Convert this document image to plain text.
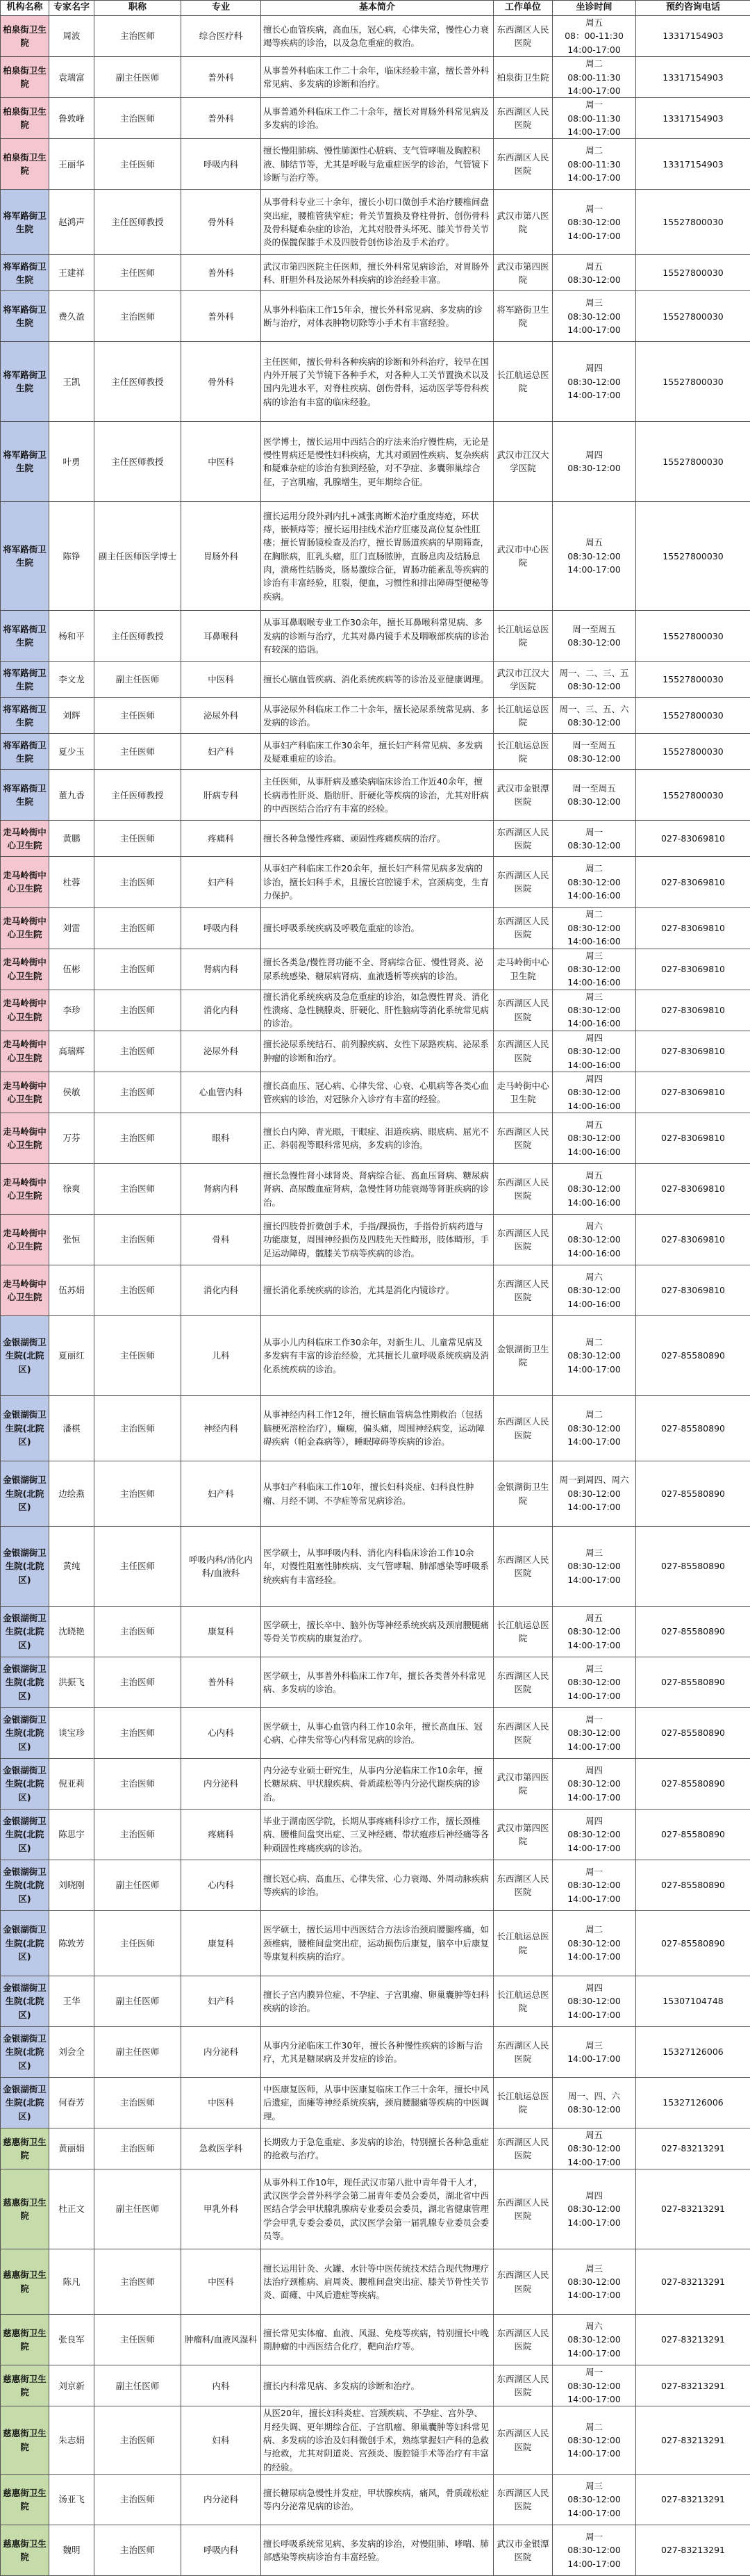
机构名称	专家名字	职称	专业	基本简介	工作单位	坐诊时间	预约咨询电话
柏泉街卫生院	周波	主治医师	综合医疗科	擅长心血管疾病，高血压，冠心病，心律失常，慢性心力衰竭等疾病的诊治，以及急危重症的救治。	东西湖区人民医院	周五
08：00-11:30
14:00-17:00	13317154903
柏泉街卫生院	袁瑞富	副主任医师	普外科	从事普外科临床工作二十余年，临床经验丰富，擅长普外科常见病、多发病的诊断和治疗。	柏泉街卫生院	周二
08:00-11:30
14:00-17:00	13317154903
柏泉街卫生院	鲁敦峰	主治医师	普外科	从事普通外科临床工作二十余年，擅长对胃肠外科常见病及多发病的诊治。	东西湖区人民医院	周一
08:00-11:30
14:00-17:00	13317154903
柏泉街卫生院	王丽华	主任医师	呼吸内科	擅长慢阻肺病、慢性肺源性心脏病、支气管哮喘及胸腔积液、肺结节等，尤其是呼吸与危重症医学的诊治，气管镜下诊断与治疗等。	东西湖区人民医院	周二
08:00-11:30
14:00-17:00	13317154903
将军路街卫生院	赵鸿声	主任医师教授	骨外科	从事骨科专业三十余年，擅长小切口微创手术治疗腰椎间盘突出症，腰椎管狭窄症；骨关节置换及脊柱骨折、创伤骨科及骨科疑难杂症的诊治，尤其对股骨头坏死、膝关节骨关节炎的保髋保膝手术及四肢骨创伤诊治及手术治疗。	武汉市第八医院	周一
08:30-12:00
14:00-17:00	15527800030
将军路街卫生院	王建祥	主任医师	普外科	武汉市第四医院主任医师，擅长外科常见病诊治，对胃肠外科、肝胆外科及泌尿外科疾病的诊治经验丰富。	武汉市第四医院	周五
08:30-12:00	15527800030
将军路街卫生院	费久盈	主治医师	普外科	从事外科临床工作15年余，擅长外科常见病、多发病的诊断与治疗，对体表肿物切除等小手术有丰富经验。	将军路街卫生院	周三
08:30-12:00
14:00-17:00	15527800030
将军路街卫生院	王凯	主任医师教授	骨外科	主任医师，擅长骨科各种疾病的诊断和外科治疗，较早在国内外开展了关节镜下各种手术，对各种人工关节置换术以及国内先进水平，对脊柱疾病、创伤骨科，运动医学等骨科疾病的诊治有丰富的临床经验。	长江航运总医院	周四
08:30-12:00
14:00-17:00	15527800030
将军路街卫生院	叶勇	主任医师教授	中医科	医学博士，擅长运用中西结合的疗法来治疗慢性病，无论是慢性胃病还是慢性妇科疾病，尤其对顽固性疾病、复杂疾病和疑难杂症的诊治有独到经验，对不孕症、多囊卵巢综合征，子宫肌瘤，乳腺增生，更年期综合征。	武汉市江汉大学医院	周四
08:30-12:00	15527800030
将军路街卫生院	陈铮	副主任医师医学博士	胃肠外科	擅长运用分段外剥内扎+减张离断术治疗重度痔疮，环状痔，嵌顿痔等；擅长运用挂线术治疗肛瘘及高位复杂性肛瘘；擅长胃肠镜检查及治疗，擅长胃肠道疾病的早期筛查，在胸胀病，肛乳头瘤，肛门直肠脓肿，直肠息肉及结肠息肉，溃疡性结肠炎，肠易激综合征，胃肠功能紊乱等疾病的诊治有丰富经验，肛裂，便血，习惯性和排出障碍型便秘等疾病。	武汉市中心医院	周五
08:30-12:00
14:00-17:00	15527800030
将军路街卫生院	杨和平	主任医师教授	耳鼻喉科	从事耳鼻咽喉专业工作30余年，擅长耳鼻喉科常见病、多发病的诊断与治疗，尤其对鼻内镜手术及咽喉部疾病的诊治有较深的造诣。	长江航运总医院	周一至周五
08:30-12:00	15527800030
将军路街卫生院	李文龙	副主任医师	中医科	擅长心脑血管疾病、消化系统疾病等的诊治及亚健康调理。	武汉市江汉大学医院	周一、二、三、五
08:30-12:00	15527800030
将军路街卫生院	刘辉	主任医师	泌尿外科	从事泌尿外科临床工作二十余年，擅长泌尿系统常见病、多发病的诊治。	长江航运总医院	周一、三、五、六
08:30-12:00	15527800030
将军路街卫生院	夏少玉	主任医师	妇产科	从事妇产科临床工作30余年，擅长妇产科常见病、多发病及疑难重症的诊治。	长江航运总医院	周一至周五
08:30-12:00	15527800030
将军路街卫生院	董九香	主任医师教授	肝病专科	主任医师，从事肝病及感染病临床诊治工作近40余年，擅长病毒性肝炎、脂肪肝、肝硬化等疾病的诊治，尤其对肝病的中西医结合治疗有丰富的经验。	武汉市金银潭医院	周一至周五
08:30-12:00	15527800030
走马岭街中心卫生院	黄鹏	主任医师	疼痛科	擅长各种急慢性疼痛、顽固性疼痛疾病的治疗。	东西湖区人民医院	周一
08:30-12:00	027-83069810
走马岭街中心卫生院	杜蓉	主治医师	妇产科	从事妇产科临床工作20余年，擅长妇产科常见病多发病的诊治，擅长妇科手术，且擅长宫腔镜手术，宫颈病变，生育力保护。	东西湖区人民医院	周二
08:30-12:00
14:00-16:00	027-83069810
走马岭街中心卫生院	刘雷	主治医师	呼吸内科	擅长呼吸系统疾病及呼吸危重症的诊治。	东西湖区人民医院	周二
08:30-12:00
14:00-16:00	027-83069810
走马岭街中心卫生院	伍彬	主治医师	肾病内科	擅长各类急/慢性肾功能不全、肾病综合征、慢性肾炎、泌尿系统感染、糖尿病肾病、血液透析等疾病的诊治。	走马岭街中心卫生院	周三
08:30-12:00
14:00-16:00	027-83069810
走马岭街中心卫生院	李珍	主治医师	消化内科	擅长消化系统疾病及急危重症的诊治，如急慢性胃炎、消化性溃疡、急性胰腺炎、肝硬化、肝性脑病等消化系统常见病的诊治。	东西湖区人民医院	周三
08:30-12:00
14:00-16:00	027-83069810
走马岭街中心卫生院	高瑞辉	主治医师	泌尿外科	擅长泌尿系统结石、前列腺疾病、女性下尿路疾病、泌尿系肿瘤的诊断和治疗。	东西湖区人民医院	周四
08:30-12:00
14:00-16:00	027-83069810
走马岭街中心卫生院	侯敏	主治医师	心血管内科	擅长高血压、冠心病、心律失常、心衰、心肌病等各类心血管疾病的诊治，对冠脉介入诊疗有丰富的经验。	走马岭街中心卫生院	周四
08:30-12:00
14:00-16:00	027-83069810
走马岭街中心卫生院	万芬	主治医师	眼科	擅长白内障、青光眼，干眼症、泪道疾病、眼底病、屈光不正、斜弱视等眼科常见病，多发病的诊治。	东西湖区人民医院	周五
08:30-12:00
14:00-16:00	027-83069810
走马岭街中心卫生院	徐爽	主治医师	肾病内科	擅长急慢性肾小球肾炎、肾病综合征、高血压肾病、糖尿病肾病、高尿酸血症肾病，急慢性肾功能衰竭等肾脏疾病的诊治。	东西湖区人民医院	周五
08:30-12:00
14:00-16:00	027-83069810
走马岭街中心卫生院	张恒	主治医师	骨科	擅长四肢骨折微创手术，手指/踝损伤，手指骨折病药道与功能康复，周围神经损伤及四肢先天性畸形，肢体畸形，手足运动障碍，髋膝关节病等疾病的诊治。	东西湖区人民医院	周六
08:30-12:00
14:00-16:00	027-83069810
走马岭街中心卫生院	伍苏娟	主治医师	消化内科	擅长消化系统疾病的诊治，尤其是消化内镜诊疗。	东西湖区人民医院	周六
08:30-12:00
14:00-16:00	027-83069810
金银湖街卫生院(北院区)	夏丽红	主任医师	儿科	从事小儿内科临床工作30余年，对新生儿、儿童常见病及多发病有丰富的诊治经验，尤其擅长儿童呼吸系统疾病及消化系统疾病的诊治。	金银湖街卫生院	周二
08:30-12:00
14:00-17:00	027-85580890
金银湖街卫生院(北院区)	潘棋	主治医师	神经内科	从事神经内科工作12年，擅长脑血管病急性期救治（包括脑梗死溶栓治疗），癫痫，偏头痛，周围神经病变，运动障碍疾病（帕金森病等），睡眠障碍等疾病的诊治。	东西湖区人民医院	周二
08:30-12:00
14:00-17:00	027-85580890
金银湖街卫生院(北院区)	边绘燕	主治医师	妇产科	从事妇产科临床工作10年，擅长妇科炎症、妇科良性肿瘤、月经不调、不孕症等常见病诊治。	金银湖街卫生院	周一到周四、周六
08:30-12:00
14:00-17:00	027-85580890
金银湖街卫生院(北院区)	黄纯	主任医师	呼吸内科/消化内科/血液科	医学硕士，从事呼吸内科、消化内科临床诊治工作10余年，对慢性阻塞性肺疾病、支气管哮喘、肺部感染等呼吸系统疾病有丰富经验。	东西湖区人民医院	周三
08:30-12:00
14:00-17:00	027-85580890
金银湖街卫生院(北院区)	沈晓艳	主治医师	康复科	医学硕士，擅长卒中、脑外伤等神经系统疾病及颈肩腰腿痛等骨关节疾病的康复治疗。	长江航运总医院	周五
08:30-12:00
14:00-17:00	027-85580890
金银湖街卫生院(北院区)	洪振飞	主治医师	普外科	医学硕士，从事普外科临床工作7年，擅长各类普外科常见病、多发病的诊治。	东西湖区人民医院	周三
08:30-12:00
14:00-17:00	027-85580890
金银湖街卫生院(北院区)	谈宝珍	主治医师	心内科	医学硕士，从事心血管内科工作10余年，擅长高血压、冠心病、心律失常等心内科常见病的诊治。	东西湖区人民医院	周一
08:30-12:00
14:00-17:00	027-85580890
金银湖街卫生院(北院区)	倪亚莉	主治医师	内分泌科	内分泌专业硕士研究生，从事内分泌临床工作10余年，擅长糖尿病、甲状腺疾病、骨质疏松等内分泌代谢疾病的诊治。	武汉市第四医院	周四
08:30-12:00
14:00-17:00	027-85580890
金银湖街卫生院(北院区)	陈思宇	主治医师	疼痛科	毕业于湖南医学院，长期从事疼痛科诊疗工作，擅长颈椎病、腰椎间盘突出症、三叉神经痛、带状疱疹后神经痛等各种顽固性疼痛疾病的诊治。	武汉市第四医院	周四
08:30-12:00
14:00-17:00	027-85580890
金银湖街卫生院(北院区)	刘晓刚	副主任医师	心内科	擅长冠心病、高血压、心律失常、心力衰竭、外周动脉疾病等疾病的诊治。	东西湖区人民医院	周一
08:30-12:00
14:00-17:00	027-85580890
金银湖街卫生院(北院区)	陈敦芳	主任医师	康复科	医学硕士，擅长运用中西医结合方法诊治颈肩腰腿疼痛，如颈椎病，腰椎间盘突出症，运动损伤后康复，脑卒中后康复等康复科疾病的治疗。	长江航运总医院	周二
08:30-12:00
14:00-17:00	027-85580890
金银湖街卫生院(北院区)	王华	副主任医师	妇产科	擅长子宫内膜异位症、不孕症、子宫肌瘤、卵巢囊肿等妇科疾病的诊治。	长江航运总医院	周四
08:30-12:00
14:00-17:00	15307104748
金银湖街卫生院(北院区)	刘会全	副主任医师	内分泌科	从事内分泌临床工作30年，擅长各种慢性疾病的诊断与治疗，尤其是糖尿病及并发症的诊治。	东西湖区人民医院	周三
14:00-17:00	15327126006
金银湖街卫生院(北院区)	何春芳	主治医师	中医科	中医康复医师，从事中医康复临床工作三十余年，擅长中风后遗症，面瘫等神经系统疾病，颈肩腰腿痛等疾病的中医调理。	长江航运总医院	周一、四、六
08:30-12:00	15327126006
慈惠街卫生院	黄丽娟	主治医师	急救医学科	长期致力于急危重症、多发病的诊治，特别擅长各种急重症的抢救与治疗。	东西湖区人民医院	周五
08:30-12:00
14:00-17:00	027-83213291
慈惠街卫生院	杜正文	副主任医师	甲乳外科	从事外科工作10年，现任武汉市第八批中青年骨干人才，武汉医学会普外科学会第二届青年委员会委员，湖北省中西医结合学会甲状腺乳腺病专业委员会委员，湖北省健康管理学会甲乳专委会委员，武汉医学会第一届乳腺专业委员会委员等。	东西湖区人民医院	周四
08:30-12:00
14:00-17:00	027-83213291
慈惠街卫生院	陈凡	主治医师	中医科	擅长运用针灸、火罐、水针等中医传统技术结合现代物理疗法治疗颈椎病、肩周炎、腰椎间盘突出症、膝关节骨性关节炎、面瘫、中风后遗症等疾病。	东西湖区人民医院	周三
08:30-12:00
14:00-17:00	027-83213291
慈惠街卫生院	张良军	主任医师	肿瘤科/血液风湿科	擅长常见实体瘤、血液、风湿、免疫等疾病，特别擅长中晚期肿瘤的中西医结合化疗，靶向治疗等。	东西湖区人民医院	周六
08:30-12:00
14:00-17:00	027-83213291
慈惠街卫生院	刘京新	副主任医师	内科	擅长内科常见病、多发病的诊断和治疗。	东西湖区人民医院	周一
08:30-12:00
14:00-17:00	027-83213291
慈惠街卫生院	朱志娟	主治医师	妇科	从医20年，擅长妇科炎症、宫颈疾病、不孕症、宫外孕、月经失调、更年期综合征、子宫肌瘤、卵巢囊肿等妇科常见病、多发病的诊治及妇科微创手术，熟练掌握妇产科的急救与抢救，尤其对阴道炎、宫颈炎、腹腔镜手术等治疗有丰富的经验。	东西湖区人民医院	周二
08:30-12:00
14:00-17:00	027-83213291
慈惠街卫生院	汤亚飞	主治医师	内分泌科	擅长糖尿病急慢性并发症，甲状腺疾病，痛风，骨质疏松症等内分泌常见病的诊治。	东西湖区人民医院	周三
08:30-12:00
14:00-17:00	027-83213291
慈惠街卫生院	魏明	主治医师	呼吸内科	擅长呼吸系统常见病、多发病的诊治，对慢阻肺、哮喘、肺部感染等疾病诊治有丰富经验。	武汉市金银潭医院	周一
08:30-12:00
14:00-17:00	027-83213291
